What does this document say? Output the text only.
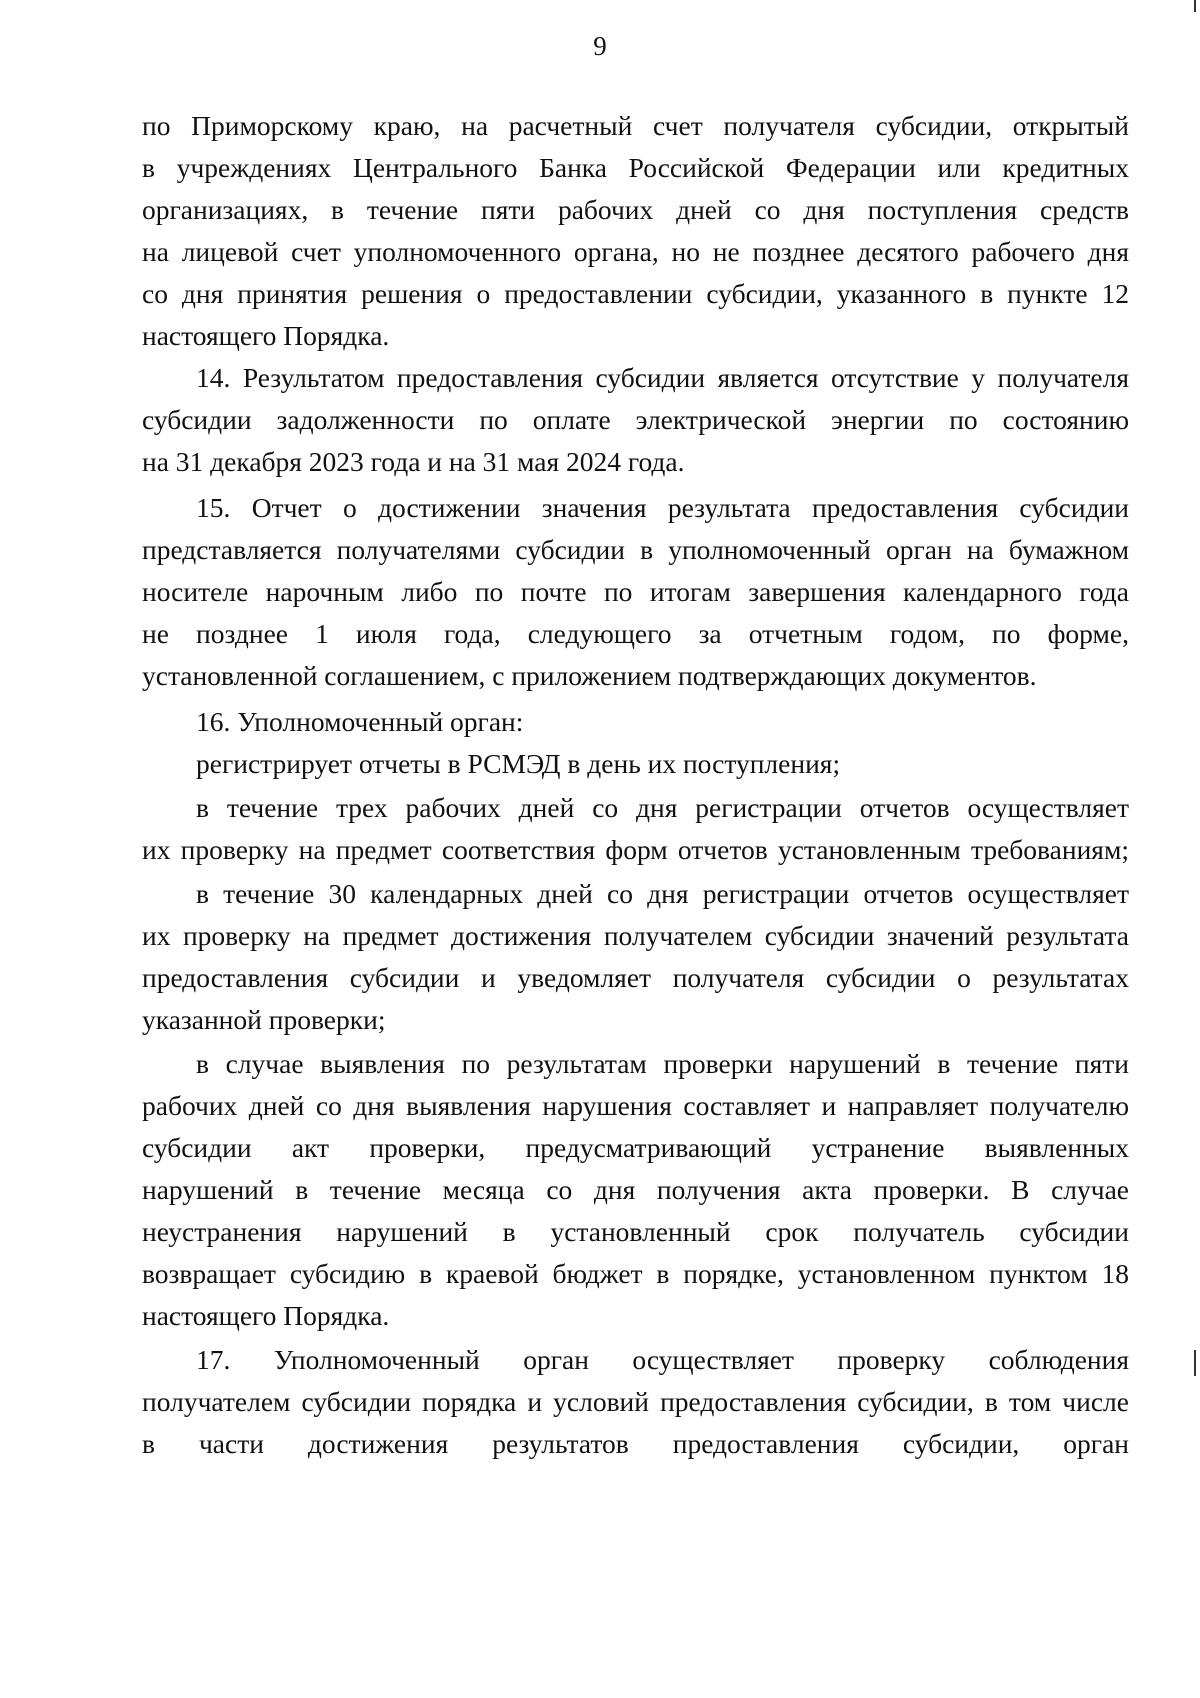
9
по Приморскому краю, на расчетный счет получателя субсидии, открытый
в учреждениях Центрального Банка Российской Федерации или кредитных
организациях, в течение пяти рабочих дней со дня поступления средств
на лицевой счет уполномоченного органа, но не позднее десятого рабочего дня
со дня принятия решения о предоставлении субсидии, указанного в пункте 12
настоящего Порядка.
14. Результатом предоставления субсидии является отсутствие у получателя
субсидии задолженности по оплате электрической энергии по состоянию
на 31 декабря 2023 года и на 31 мая 2024 года.
15. Отчет о достижении значения результата предоставления субсидии
представляется получателями субсидии в уполномоченный орган на бумажном
носителе нарочным либо по почте по итогам завершения календарного года
не позднее 1 июля года, следующего за отчетным годом, по форме,
установленной соглашением, с приложением подтверждающих документов.
16. Уполномоченный орган:
регистрирует отчеты в РСМЭД в день их поступления;
в течение трех рабочих дней со дня регистрации отчетов осуществляет
их проверку на предмет соответствия форм отчетов установленным требованиям;
в течение 30 календарных дней со дня регистрации отчетов осуществляет
их проверку на предмет достижения получателем субсидии значений результата
предоставления субсидии и уведомляет получателя субсидии о результатах
указанной проверки;
в случае выявления по результатам проверки нарушений в течение пяти
рабочих дней со дня выявления нарушения составляет и направляет получателю
субсидии акт проверки, предусматривающий устранение выявленных
нарушений в течение месяца со дня получения акта проверки. В случае
неустранения нарушений в установленный срок получатель субсидии
возвращает субсидию в краевой бюджет в порядке, установленном пунктом 18
настоящего Порядка.
17. Уполномоченный орган осуществляет проверку соблюдения
получателем субсидии порядка и условий предоставления субсидии, в том числе
в части достижения результатов предоставления субсидии, орган
